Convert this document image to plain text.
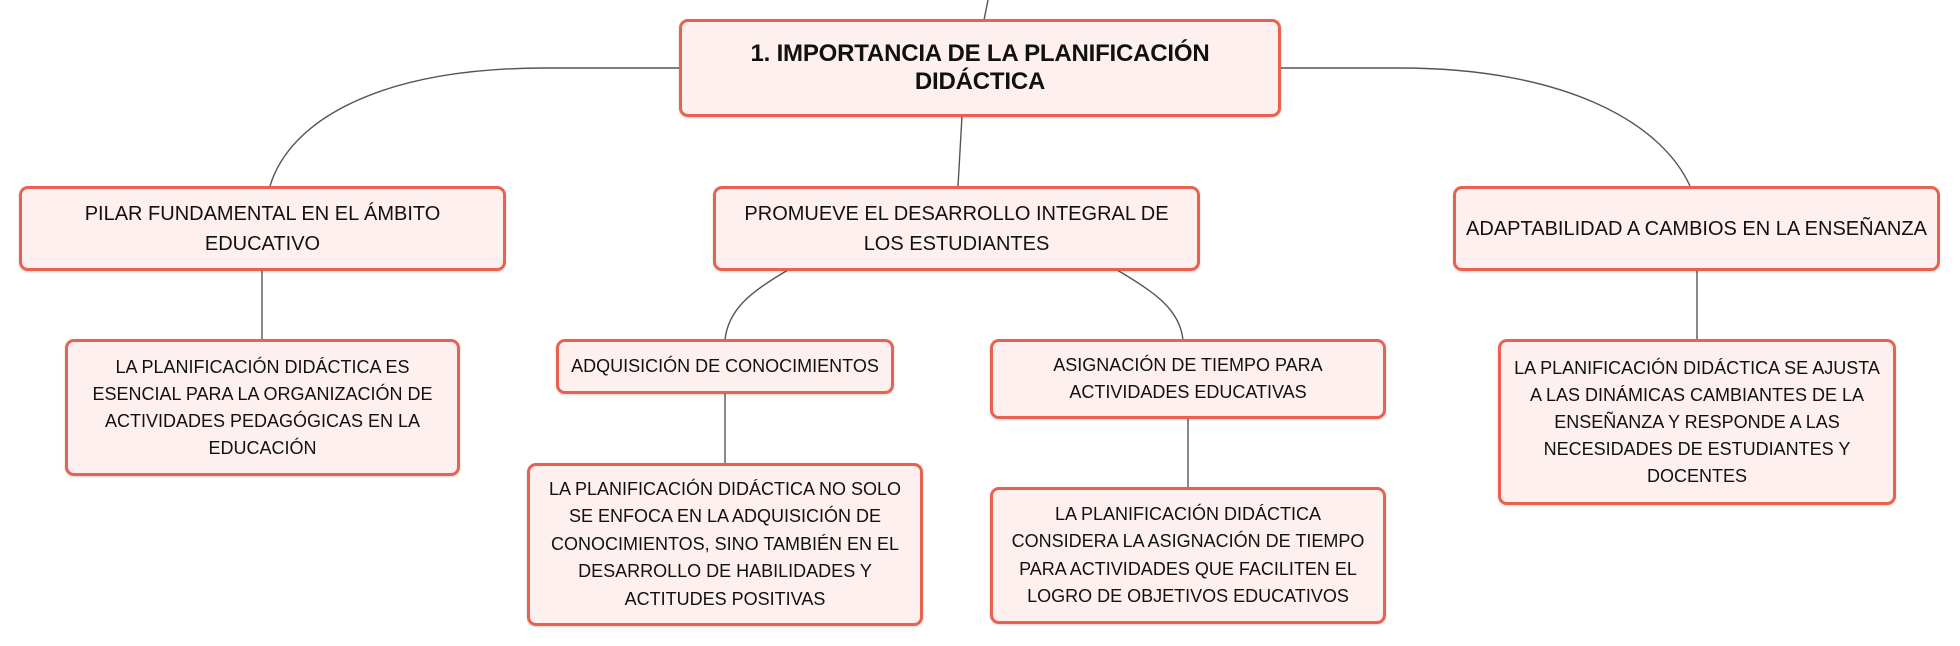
1. IMPORTANCIA DE LA PLANIFICACIÓN DIDÁCTICA
PILAR FUNDAMENTAL EN EL ÁMBITO EDUCATIVO
PROMUEVE EL DESARROLLO INTEGRAL DE LOS ESTUDIANTES
ADAPTABILIDAD A CAMBIOS EN LA ENSEÑANZA
LA PLANIFICACIÓN DIDÁCTICA ES ESENCIAL PARA LA ORGANIZACIÓN DE ACTIVIDADES PEDAGÓGICAS EN LA EDUCACIÓN
ADQUISICIÓN DE CONOCIMIENTOS	ASIGNACIÓN DE TIEMPO PARA ACTIVIDADES EDUCATIVAS
LA PLANIFICACIÓN DIDÁCTICA SE AJUSTA A LAS DINÁMICAS CAMBIANTES DE LA ENSEÑANZA Y RESPONDE A LAS NECESIDADES DE ESTUDIANTES Y DOCENTES
LA PLANIFICACIÓN DIDÁCTICA NO SOLO SE ENFOCA EN LA ADQUISICIÓN DE CONOCIMIENTOS, SINO TAMBIÉN EN EL DESARROLLO DE HABILIDADES Y ACTITUDES POSITIVAS
LA PLANIFICACIÓN DIDÁCTICA CONSIDERA LA ASIGNACIÓN DE TIEMPO PARA ACTIVIDADES QUE FACILITEN EL LOGRO DE OBJETIVOS EDUCATIVOS
